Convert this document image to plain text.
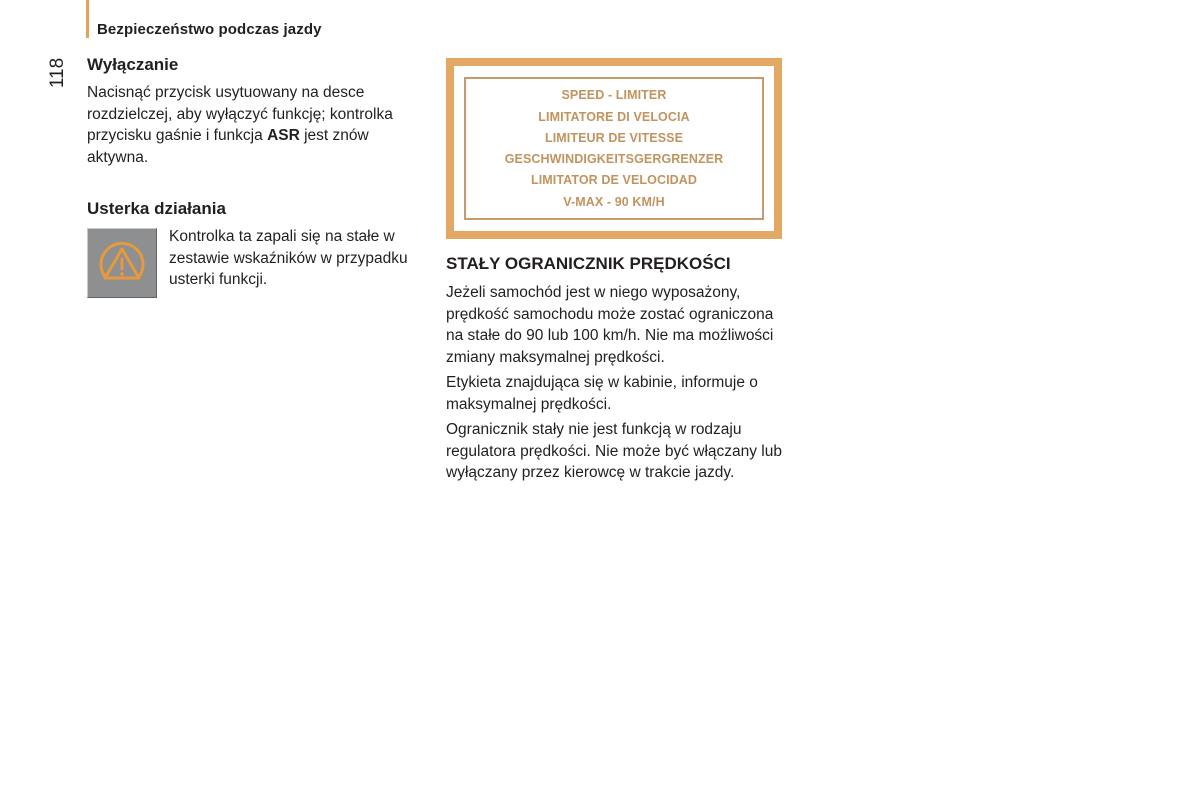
Bezpieczeństwo podczas jazdy
118 Wyłączanie

Nacisnąć przycisk usytuowany na desce rozdzielczej, aby wyłączyć funkcję; kontrolka przycisku gaśnie i funkcja ASR jest znów aktywna.

Usterka działania

Kontrolka ta zapali się na stałe w zestawie wskaźników w przypadku usterki funkcji.

SPEED - LIMITER
LIMITATORE DI VELOCIA
LIMITEUR DE VITESSE
GESCHWINDIGKEITSGERGRENZER
LIMITATOR DE VELOCIDAD
V-MAX - 90 KM/H
STAŁY OGRANICZNIK PRĘDKOŚCI

Jeżeli samochód jest w niego wyposażony, prędkość samochodu może zostać ograniczona na stałe do 90 lub 100 km/h. Nie ma możliwości zmiany maksymalnej prędkości.

Etykieta znajdująca się w kabinie, informuje o maksymalnej prędkości.

Ogranicznik stały nie jest funkcją w rodzaju regulatora prędkości. Nie może być włączany lub wyłączany przez kierowcę w trakcie jazdy.
